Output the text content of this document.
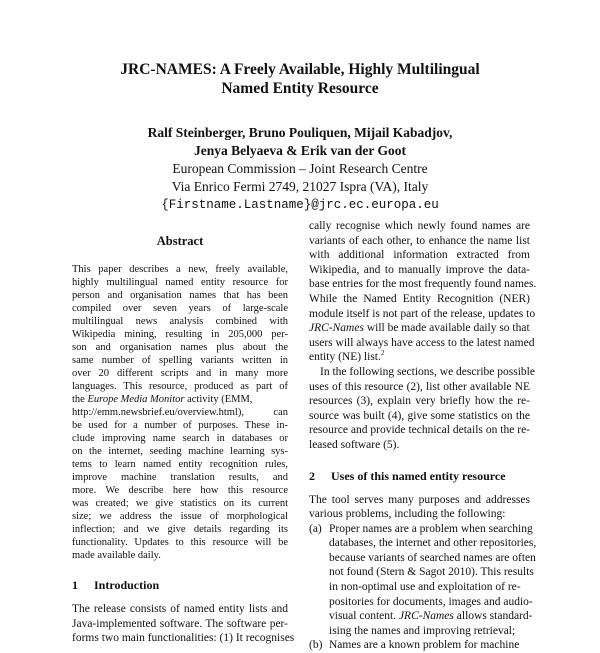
JRC-NAMES: A Freely Available, Highly Multilingual
Named Entity Resource
Ralf Steinberger, Bruno Pouliquen, Mijail Kabadjov,
Jenya Belyaeva & Erik van der Goot
European Commission – Joint Research Centre
Via Enrico Fermi 2749, 21027 Ispra (VA), Italy
{Firstname.Lastname}@jrc.ec.europa.eu
Abstract
This paper describes a new, freely available,
highly multilingual named entity resource for
person and organisation names that has been
compiled over seven years of large-scale
multilingual news analysis combined with
Wikipedia mining, resulting in 205,000 per-
son and organisation names plus about the
same number of spelling variants written in
over 20 different scripts and in many more
languages. This resource, produced as part of
the Europe Media Monitor activity (EMM,
http://emm.newsbrief.eu/overview.html), can
be used for a number of purposes. These in-
clude improving name search in databases or
on the internet, seeding machine learning sys-
tems to learn named entity recognition rules,
improve machine translation results, and
more. We describe here how this resource
was created; we give statistics on its current
size; we address the issue of morphological
inflection; and we give details regarding its
functionality. Updates to this resource will be
made available daily.
1 Introduction
The release consists of named entity lists and
Java-implemented software. The software per-
forms two main functionalities: (1) It recognises
cally recognise which newly found names are
variants of each other, to enhance the name list
with additional information extracted from
Wikipedia, and to manually improve the data-
base entries for the most frequently found names.
While the Named Entity Recognition (NER)
module itself is not part of the release, updates to
JRC-Names will be made available daily so that
users will always have access to the latest named
entity (NE) list.$^2$
In the following sections, we describe possible
uses of this resource (2), list other available NE
resources (3), explain very briefly how the re-
source was built (4), give some statistics on the
resource and provide technical details on the re-
leased software (5).
2 Uses of this named entity resource
The tool serves many purposes and addresses
various problems, including the following:
(a) Proper names are a problem when searching
databases, the internet and other repositories,
because variants of searched names are often
not found (Stern & Sagot 2010). This results
in non-optimal use and exploitation of re-
positories for documents, images and audio-
visual content. JRC-Names allows standard-
ising the names and improving retrieval;
(b) Names are a known problem for machine
